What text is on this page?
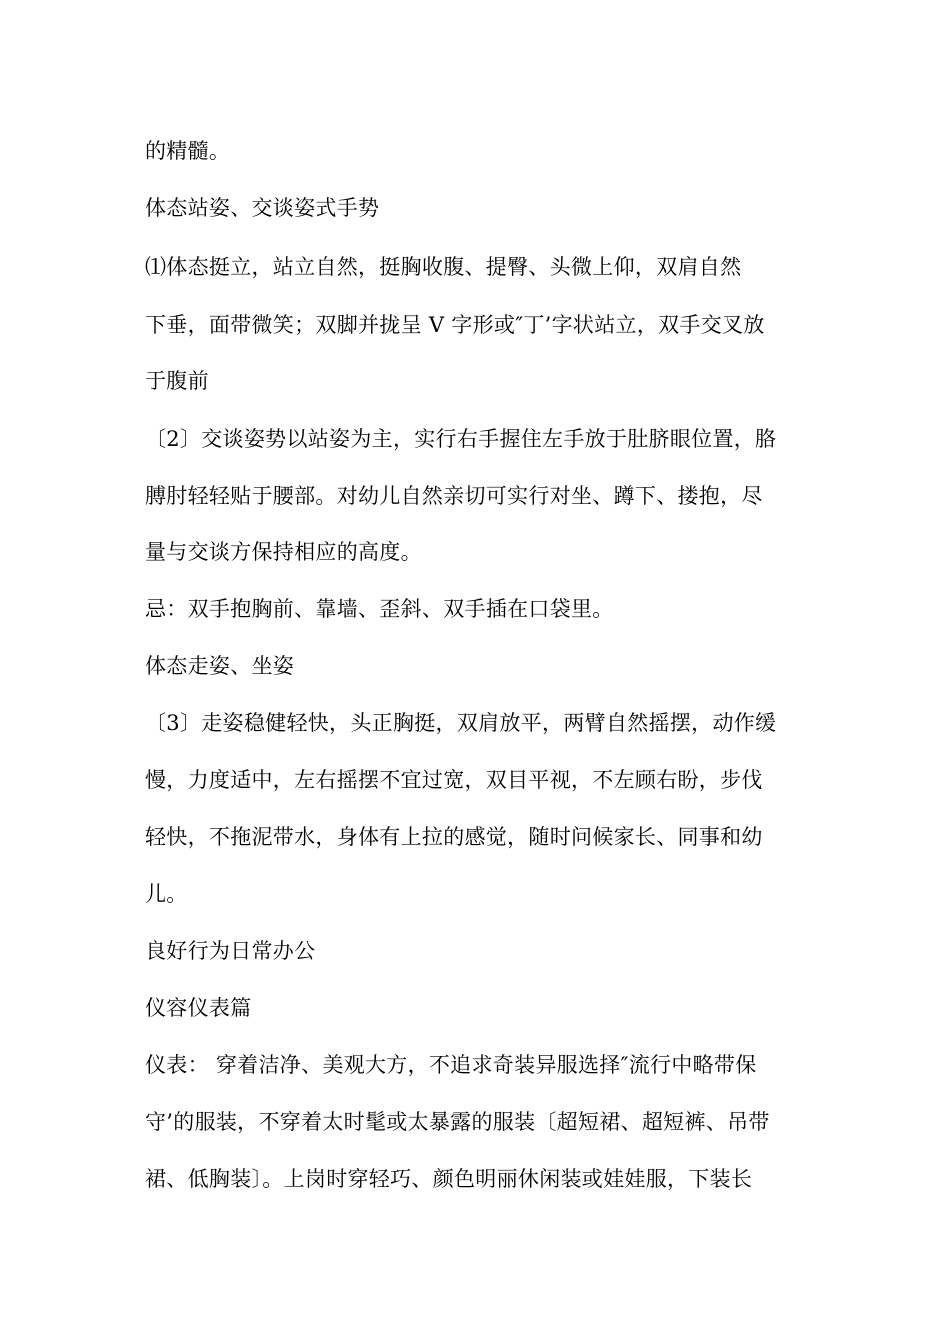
的精髓。
体态站姿、交谈姿式手势
⑴体态挺立，站立自然，挺胸收腹、提臀、头微上仰，双肩自然
下垂，面带微笑；双脚并拢呈 V 字形或″丁’字状站立，双手交叉放
于腹前
〔2〕交谈姿势以站姿为主，实行右手握住左手放于肚脐眼位置，胳
膊肘轻轻贴于腰部。对幼儿自然亲切可实行对坐、蹲下、搂抱，尽
量与交谈方保持相应的高度。
忌：双手抱胸前、靠墙、歪斜、双手插在口袋里。
体态走姿、坐姿
〔3〕走姿稳健轻快，头正胸挺，双肩放平，两臂自然摇摆，动作缓
慢，力度适中，左右摇摆不宜过宽，双目平视，不左顾右盼，步伐
轻快，不拖泥带水，身体有上拉的感觉，随时问候家长、同事和幼
儿。
良好行为日常办公
仪容仪表篇
仪表： 穿着洁净、美观大方，不追求奇装异服选择″流行中略带保
守’的服装，不穿着太时髦或太暴露的服装〔超短裙、超短裤、吊带
裙、低胸装〕。上岗时穿轻巧、颜色明丽休闲装或娃娃服，下装长
